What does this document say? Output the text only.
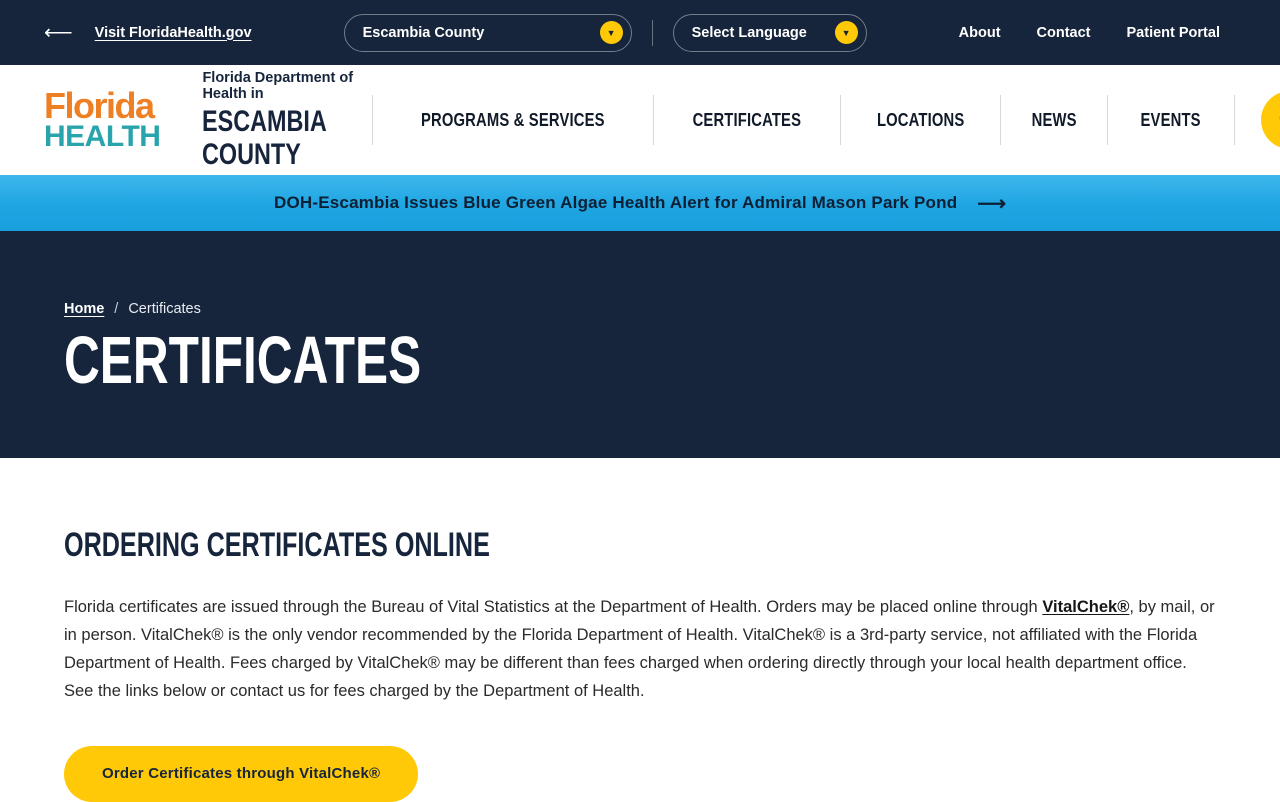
⟵ Visit FloridaHealth.gov	Escambia County	▼	Select Language	▼	About Contact Patient Portal
Florida
HEALTH
Florida Department of Health in
ESCAMBIA COUNTY
PROGRAMS & SERVICES	CERTIFICATES	LOCATIONS	NEWS	EVENTS
DOH-Escambia Issues Blue Green Algae Health Alert for Admiral Mason Park Pond ⟶
Home / Certificates
CERTIFICATES
ORDERING CERTIFICATES ONLINE

Florida certificates are issued through the Bureau of Vital Statistics at the Department of Health. Orders may be placed online through VitalChek®, by mail, or in person. VitalChek® is the only vendor recommended by the Florida Department of Health. VitalChek® is a 3rd-party service, not affiliated with the Florida Department of Health. Fees charged by VitalChek® may be different than fees charged when ordering directly through your local health department office. See the links below or contact us for fees charged by the Department of Health.

Order Certificates through VitalChek®
